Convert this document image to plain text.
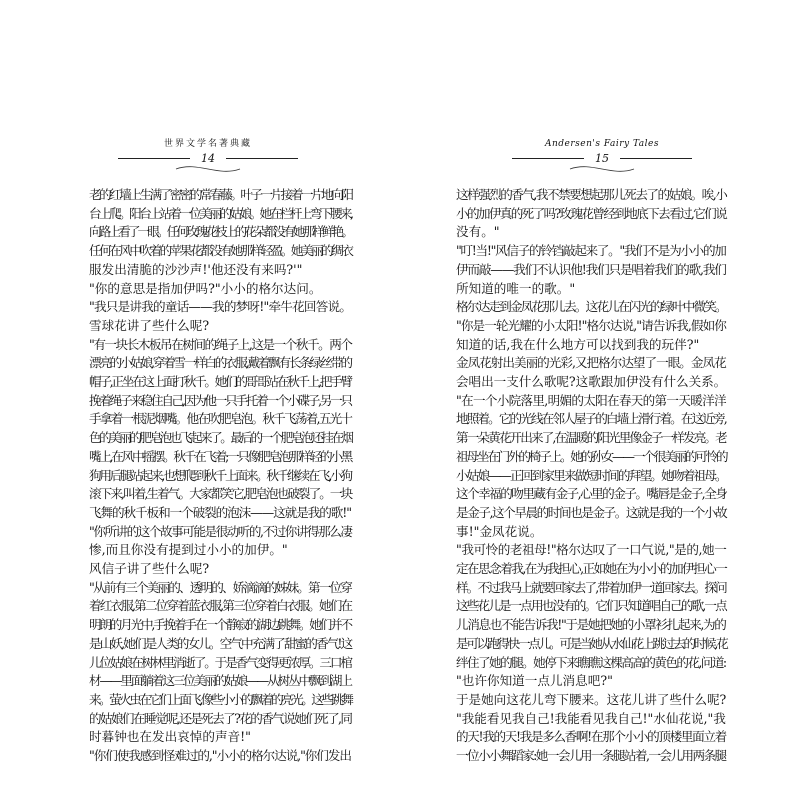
世界文学名著典藏
14
老的红墙上生满了密密的常春藤。叶子一片接着一片地向阳
台上爬。阳台上站着一位美丽的姑娘。她在栏杆上弯下腰来,
向路上看了一眼。任何玫瑰花枝上的花朵都没有她那样鲜艳。
任何在风中吹着的苹果花都没有她那样轻盈。她美丽的绸衣
服发出清脆的沙沙声!'他还没有来吗?'"
"你的意思是指加伊吗?"小小的格尔达问。
"我只是讲我的童话——我的梦呀!"牵牛花回答说。
雪球花讲了些什么呢?
"有一块长木板吊在树间的绳子上,这是一个秋千。两个
漂亮的小姑娘,穿着雪一样白的衣服,戴着飘有长条绿丝带的
帽子,正坐在这上面打秋千。她们的哥哥站在秋千上,把手臂
挽着绳子来稳住自己,因为他一只手托着一个小碟子,另一只
手拿着一根泥烟嘴。他在吹肥皂泡。秋千飞荡着,五光十
色的美丽的肥皂泡也飞起来了。最后的一个肥皂泡还挂在烟
嘴上,在风中摇摆。秋千在飞着;一只像肥皂泡那样轻的小黑
狗用后腿站起来,也想爬到秋千上面来。秋千继续在飞,小狗
滚下来,叫着,生着气。大家都笑它,肥皂泡也破裂了。一块
飞舞的秋千板和一个破裂的泡沫——这就是我的歌!"
"你所讲的这个故事可能是很动听的,不过你讲得那么凄
惨,而且你没有提到过小小的加伊。"
风信子讲了些什么呢?
"从前有三个美丽的、透明的、娇滴滴的姊妹。第一位穿
着红衣服,第二位穿着蓝衣服,第三位穿着白衣服。她们在
明朗的月光中,手挽着手在一个静寂的湖边跳舞。她们并不
是山妖,她们是人类的女儿。空气中充满了甜蜜的香气!这
儿位姑娘在树林里消逝了。于是香气变得更浓厚。三口棺
材——里面躺着这三位美丽的姑娘——从树丛中飘到湖上
来。萤火虫在它们上面飞,像些小小的飘着的亮光。这些跳舞
的姑娘们在睡觉呢,还是死去了?花的香气说她们死了,同
时暮钟也在发出哀悼的声音!"
"你们使我感到怪难过的,"小小的格尔达说,"你们发出
Andersen's Fairy Tales
15
这样强烈的香气,我不禁要想起那儿死去了的姑娘。唉,小
小的加伊真的死了吗?玫瑰花曾经到地底下去看过,它们说
没有。"
"叮!当!"风信子的铃铛敲起来了。"我们不是为小小的加
伊而敲——我们不认识他!我们只是唱着我们的歌,我们
所知道的唯一的歌。"
格尔达走到金凤花那儿去。这花儿在闪光的绿叶中微笑。
"你是一轮光耀的小太阳!"格尔达说,"请告诉我,假如你
知道的话,我在什么地方可以找到我的玩伴?"
金凤花射出美丽的光彩,又把格尔达望了一眼。金凤花
会唱出一支什么歌呢?这歌跟加伊没有什么关系。
"在一个小院落里,明媚的太阳在春天的第一天暖洋洋
地照着。它的光线在邻人屋子的白墙上滑行着。在这近旁,
第一朵黄花开出来了,在温暖的阳光里像金子一样发亮。老
祖母坐在门外的椅子上。她的孙女——一个很美丽的可怜的
小姑娘——正回到家里来做短时间的拜望。她吻着祖母。
这个幸福的吻里藏有金子,心里的金子。嘴唇是金子,全身
是金子,这个早晨的时间也是金子。这就是我的一个小故
事!"金凤花说。
"我可怜的老祖母!"格尔达叹了一口气说,"是的,她一
定在思念着我,在为我担心,正如她在为小小的加伊担心一
样。不过我马上就要回家去了,带着加伊一道回家去。探问
这些花儿是一点用也没有的。它们只知道唱自己的歌,一点
儿消息也不能告诉我!"于是她把她的小罩衫扎起来,为的
是可以跑得快一点儿。可是当她从水仙花上跳过去的时候,花
绊住了她的腿。她停下来瞧瞧这棵高高的黄色的花,问道:
"也许你知道一点儿消息吧?"
于是她向这花儿弯下腰来。这花儿讲了些什么呢?
"我能看见我自己!我能看见我自己!"水仙花说,"我
的天!我的天!我是多么香啊!在那个小小的顶楼里面立着
一位小小舞蹈家:她一会儿用一条腿站着,一会儿用两条腿
